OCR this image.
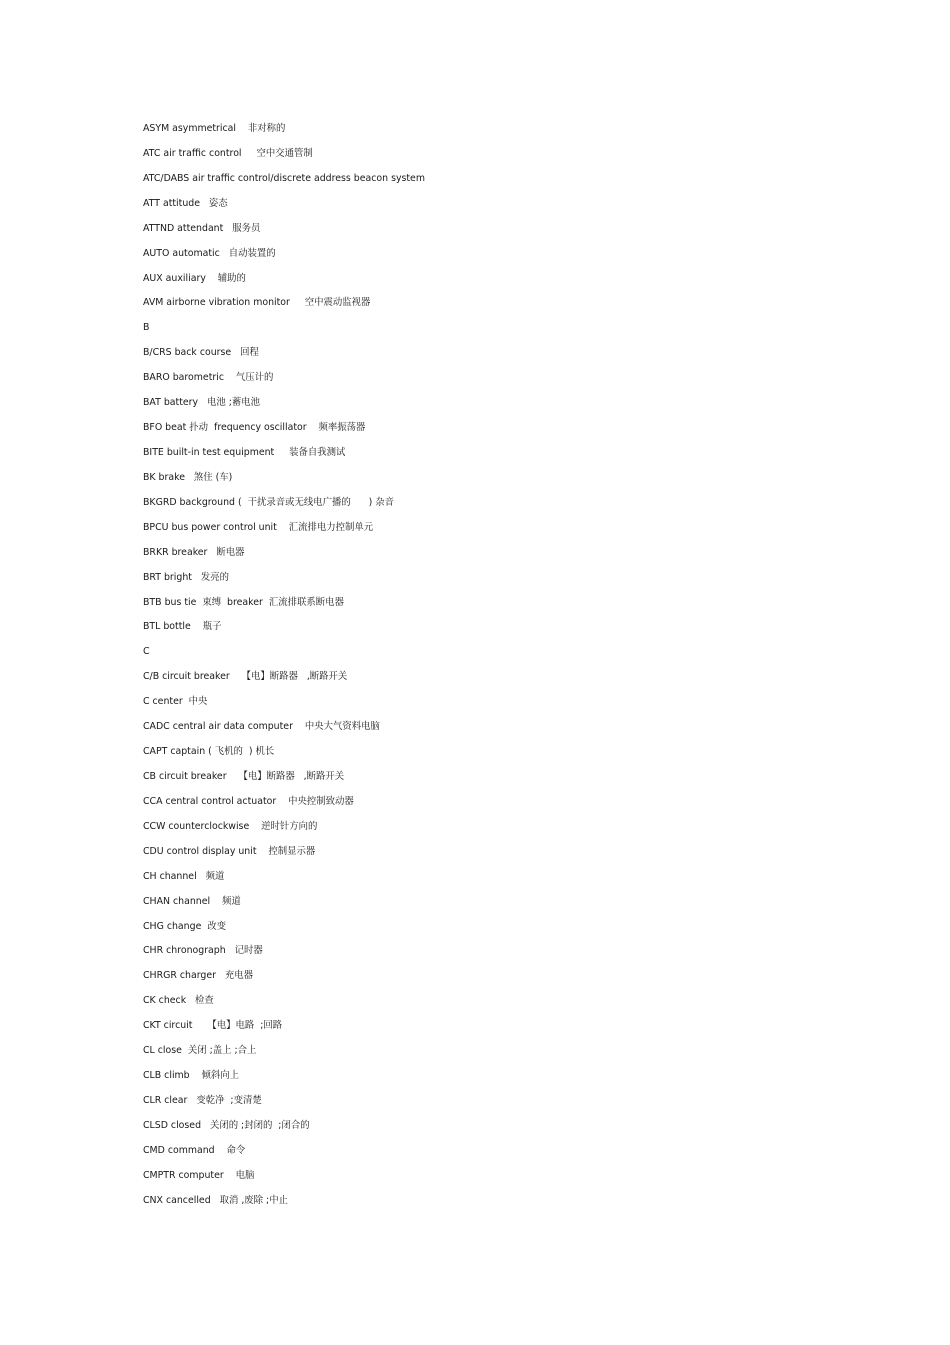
ASYM asymmetrical    非对称的
ATC air traffic control     空中交通管制
ATC/DABS air traffic control/discrete address beacon system
ATT attitude   姿态
ATTND attendant   服务员
AUTO automatic   自动装置的
AUX auxiliary    辅助的
AVM airborne vibration monitor     空中震动监视器
B
B/CRS back course   回程
BARO barometric    气压计的
BAT battery   电池 ;蓄电池
BFO beat 扑动  frequency oscillator    频率振荡器
BITE built-in test equipment     装备自我测试
BK brake   煞住 (车)
BKGRD background (  干扰录音或无线电广播的      ) 杂音
BPCU bus power control unit    汇流排电力控制单元
BRKR breaker   断电器
BRT bright   发亮的
BTB bus tie  束缚  breaker  汇流排联系断电器
BTL bottle    瓶子
C
C/B circuit breaker    【电】断路器   ,断路开关
C center  中央
CADC central air data computer    中央大气资料电脑
CAPT captain ( 飞机的  ) 机长
CB circuit breaker    【电】断路器   ,断路开关
CCA central control actuator    中央控制致动器
CCW counterclockwise    逆时针方向的
CDU control display unit    控制显示器
CH channel   频道
CHAN channel    频道
CHG change  改变
CHR chronograph   记时器
CHRGR charger   充电器
CK check   检查
CKT circuit     【电】电路  ;回路
CL close  关闭 ;盖上 ;合上
CLB climb    倾斜向上
CLR clear   变乾净  ;变清楚
CLSD closed   关闭的 ;封闭的  ;闭合的
CMD command    命令
CMPTR computer    电脑
CNX cancelled   取消 ,废除 ;中止
